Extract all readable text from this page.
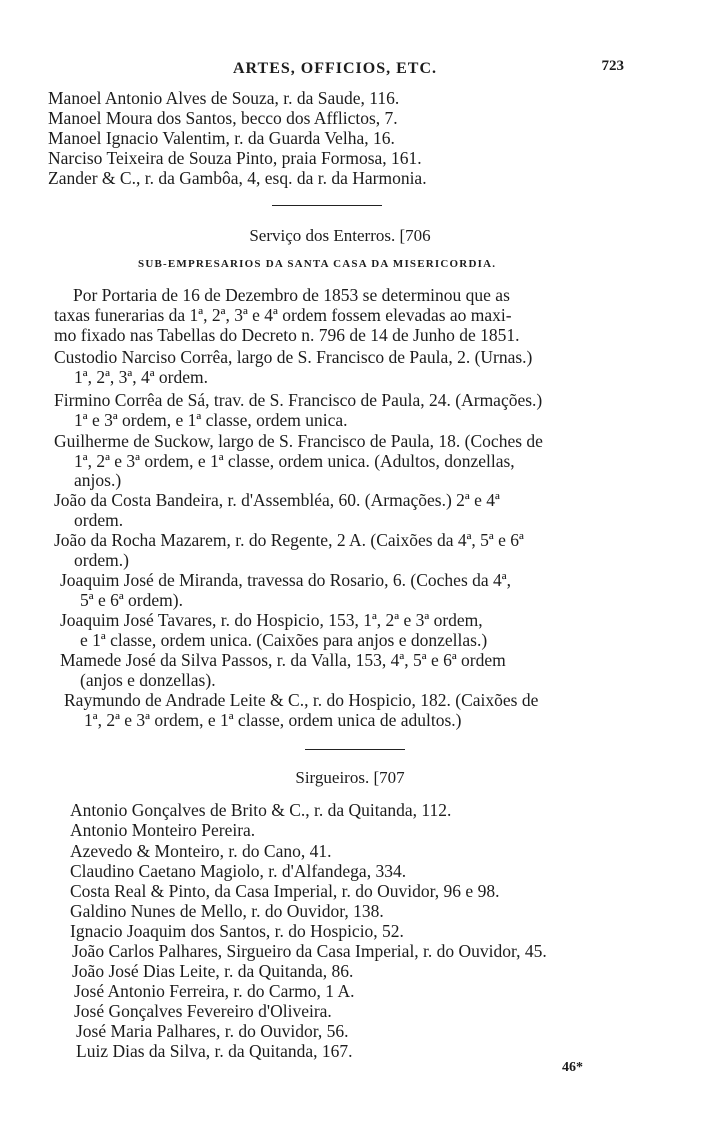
ARTES, OFFICIOS, ETC.	723
Manoel Antonio Alves de Souza, r. da Saude, 116.
Manoel Moura dos Santos, becco dos Afflictos, 7.
Manoel Ignacio Valentim, r. da Guarda Velha, 16.
Narciso Teixeira de Souza Pinto, praia Formosa, 161.
Zander & C., r. da Gambôa, 4, esq. da r. da Harmonia.
Serviço dos Enterros. [706
SUB-EMPRESARIOS DA SANTA CASA DA MISERICORDIA.
Por Portaria de 16 de Dezembro de 1853 se determinou que as
taxas funerarias da 1ª, 2ª, 3ª e 4ª ordem fossem elevadas ao maxi-
mo fixado nas Tabellas do Decreto n. 796 de 14 de Junho de 1851.
Custodio Narciso Corrêa, largo de S. Francisco de Paula, 2. (Urnas.)
1ª, 2ª, 3ª, 4ª ordem.
Firmino Corrêa de Sá, trav. de S. Francisco de Paula, 24. (Armações.)
1ª e 3ª ordem, e 1ª classe, ordem unica.
Guilherme de Suckow, largo de S. Francisco de Paula, 18. (Coches de
1ª, 2ª e 3ª ordem, e 1ª classe, ordem unica. (Adultos, donzellas,
anjos.)
João da Costa Bandeira, r. d'Assembléa, 60. (Armações.) 2ª e 4ª
ordem.
João da Rocha Mazarem, r. do Regente, 2 A. (Caixões da 4ª, 5ª e 6ª
ordem.)
Joaquim José de Miranda, travessa do Rosario, 6. (Coches da 4ª,
5ª e 6ª ordem).
Joaquim José Tavares, r. do Hospicio, 153, 1ª, 2ª e 3ª ordem,
e 1ª classe, ordem unica. (Caixões para anjos e donzellas.)
Mamede José da Silva Passos, r. da Valla, 153, 4ª, 5ª e 6ª ordem
(anjos e donzellas).
Raymundo de Andrade Leite & C., r. do Hospicio, 182. (Caixões de
1ª, 2ª e 3ª ordem, e 1ª classe, ordem unica de adultos.)
Sirgueiros. [707
Antonio Gonçalves de Brito & C., r. da Quitanda, 112.
Antonio Monteiro Pereira.
Azevedo & Monteiro, r. do Cano, 41.
Claudino Caetano Magiolo, r. d'Alfandega, 334.
Costa Real & Pinto, da Casa Imperial, r. do Ouvidor, 96 e 98.
Galdino Nunes de Mello, r. do Ouvidor, 138.
Ignacio Joaquim dos Santos, r. do Hospicio, 52.
João Carlos Palhares, Sirgueiro da Casa Imperial, r. do Ouvidor, 45.
João José Dias Leite, r. da Quitanda, 86.
José Antonio Ferreira, r. do Carmo, 1 A.
José Gonçalves Fevereiro d'Oliveira.
José Maria Palhares, r. do Ouvidor, 56.
Luiz Dias da Silva, r. da Quitanda, 167.
46*
